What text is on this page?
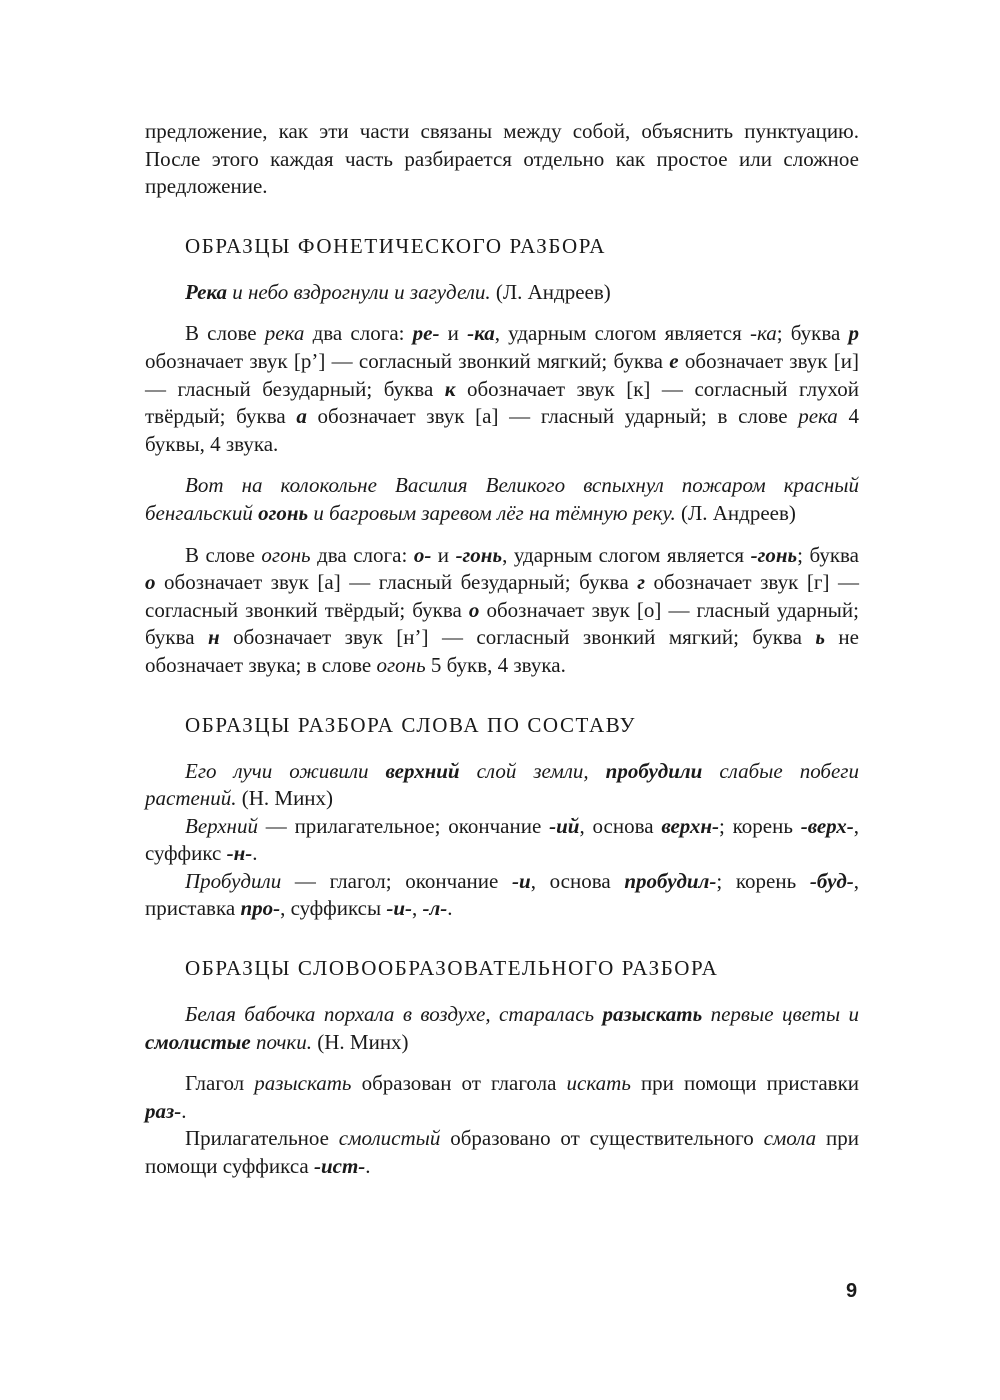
предложение, как эти части связаны между собой, объяснить пунктуацию. После этого каждая часть разбирается отдельно как простое или сложное предложение.

ОБРАЗЦЫ ФОНЕТИЧЕСКОГО РАЗБОРА

Река и небо вздрогнули и загудели. (Л. Андреев)

В слове река два слога: ре- и -ка, ударным слогом является -ка; буква р обозначает звук [р’] — согласный звонкий мягкий; буква е обозначает звук [и] — гласный безударный; буква к обозначает звук [к] — согласный глухой твёрдый; буква а обозначает звук [а] — гласный ударный; в слове река 4 буквы, 4 звука.

Вот на колокольне Василия Великого вспыхнул пожаром красный бенгальский огонь и багровым заревом лёг на тёмную реку. (Л. Андреев)

В слове огонь два слога: о- и -гонь, ударным слогом является -гонь; буква о обозначает звук [а] — гласный безударный; буква г обозначает звук [г] — согласный звонкий твёрдый; буква о обозначает звук [о] — гласный ударный; буква н обозначает звук [н’] — согласный звонкий мягкий; буква ь не обозначает звука; в слове огонь 5 букв, 4 звука.

ОБРАЗЦЫ РАЗБОРА СЛОВА ПО СОСТАВУ

Его лучи оживили верхний слой земли, пробудили слабые побеги растений. (Н. Минх)

Верхний — прилагательное; окончание -ий, основа верхн-; корень -верх-, суффикс -н-.

Пробудили — глагол; окончание -и, основа пробудил-; корень -буд-, приставка про-, суффиксы -и-, -л-.

ОБРАЗЦЫ СЛОВООБРАЗОВАТЕЛЬНОГО РАЗБОРА

Белая бабочка порхала в воздухе, старалась разыскать первые цветы и смолистые почки. (Н. Минх)

Глагол разыскать образован от глагола искать при помощи приставки раз-.

Прилагательное смолистый образовано от существительного смола при помощи суффикса -ист-.

9
